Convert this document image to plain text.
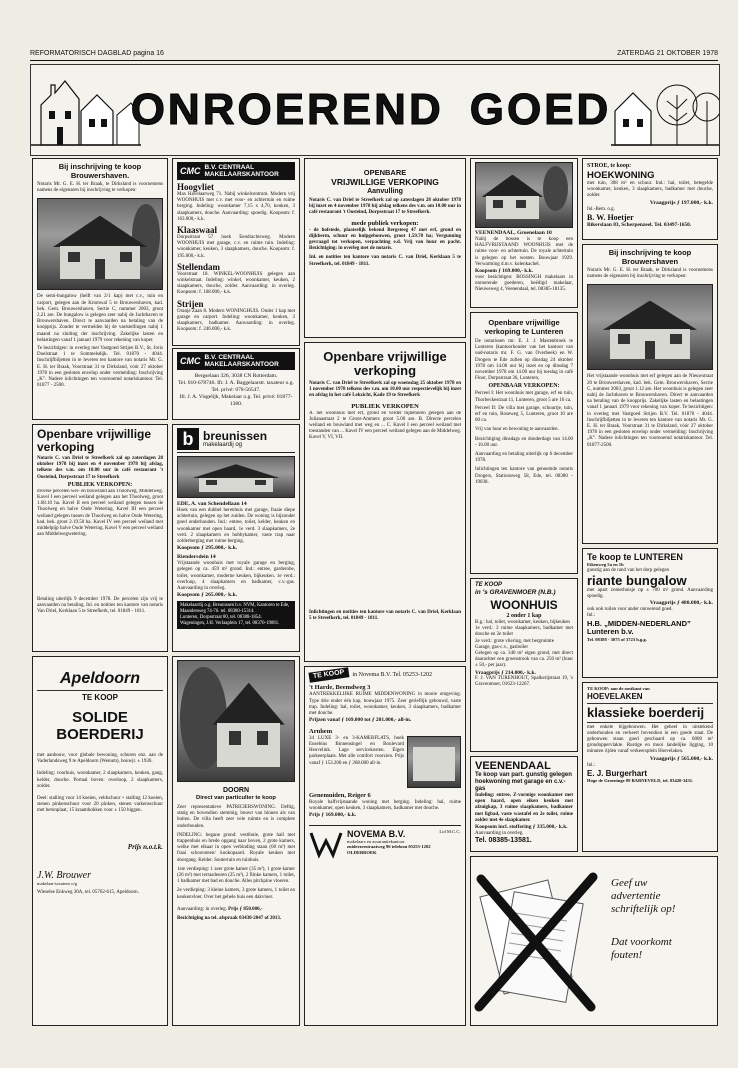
REFORMATORISCH DAGBLAD pagina 16	ZATERDAG 21 OKTOBER 1978
ONROEREND GOED
Bij inschrijving te koop Brouwershaven.
Notaris Mr. G. E. H. ter Braak, te Dirksland is voornemens namens de eigenaren bij inschrijving te verkopen:
De semi-bungalow (helft van 2/1 kap) met c.v., tuin en carport, gelegen aan de Kromwal 5 te Brouwershaven, kad. bek. Gem. Brouwershaven, Sectie C, nummer 2003, groot 2.21 are. De bungalow is gelegen zeer nabij de Jachthaven te Brouwershaven. Direct te aanvaarden na betaling van de koopprijs. Zonder te vermelden bij de vaststellingen nabij 1 maand na sluiting der inschrijving. Zakelijke lasten en belastingen vanaf 1 januari 1979 voor rekening van koper.
Te bezichtigen: in overleg met Vastgoed Strijen B.V., St. Joris Doelstraat 1 te Sommelsdijk. Tel. 01870 - 4044. Inschrijfbiljetten in te leveren ten kantore van notaris Mr. G. E. H. ter Braak, Voorstraat 31 te Dirksland, vóór 27 oktober 1978 in een gesloten envelop onder vermelding: Inschrijving „K”. Nadere inlichtingen ten voornoemd notariskantoor. Tel. 01877 - 2500.
CMC B.V. CENTRAAL MAKELAARSKANTOOR
Hoogvliet
Max Havelaarweg 71. Nabij winkelcentrum. Modern vrij WOONHUIS met c.v. met voor- en achtertuin en ruime berging. Indeling: woonkamer 7,15 x 4,70, keuken, 3 slaapkamers, douche. Aanvaarding: spoedig. Koopsom: f. 163.000,- k.k.
Klaaswaal
Dorpsstraat 57 hoek Eendrachtsweg. Modern WOONHUIS met garage, c.v. en ruime tuin. Indeling: woonkamer, keuken, 3 slaapkamers, douche. Koopsom: f. 195.000,- k.k.
Stellendam
Voorstraat 18. WINKEL-WOONHUIS gelegen aan winkelstraat. Indeling: winkel, woonkamer, keuken, 2 slaapkamers, douche, zolder. Aanvaarding: in overleg. Koopsom: f. 168.000,- k.k.
Strijen
Oranje Zaan 8. Modern WONINGHUIS. Onder 1 kap met garage en carport. Indeling: woonkamer, keuken, 3 slaapkamers, badkamer. Aanvaarding: in overleg. Koopsom: f. 246.000,- k.k.
CMC B.V. CENTRAAL MAKELAARSKANTOOR
Bergselaan 326, 3038 CN Rotterdam.
Tel. 010-678746. Ifr. J. A. Baggelaarstr. taxateur o.g. Tel. privé: 078-56547.
Ifr. J. A. Visgelijk, Makelaar o.g. Tel. privé: 01877-1380.
OPENBARE
VRIJWILLIGE VERKOPING
Aanvulling
Notaris C. van Driel te Streefkerk zal op zaterdagen 28 oktober 1978 bij inzet en 4 november 1978 bij afslag telkens des v.m. om 10.00 uur in café restaurant 't Oosteind, Dorpsstraat 17 te Streefkerk.
mede publiek verkopen:
- de hofstede, plaatselijk bekend Bergsteeg 47 met erf, grond en dijkberm, schuur en hulpgebouwen, groot 1.59.70 ha; Vergunning gevraagd tot verkopen, verpachting e.d. Vrij van huur en pacht. Bezichtiging: in overleg met de notaris.
Inl. en notities ten kantore van notaris C. van Driel, Kerklaan 5 te Streefkerk, tel. 01849 - 1811.
Openbare vrijwillige verkoping
Notaris C. van Driel te Streefkerk zal op woensdag 25 oktober 1978 en 1 november 1978 telkens des v.m. om 10.00 uur respectievelijk bij inzet en afslag in het café Lekzicht, Kade 19 te Streefkerk
PUBLIEK VERKOPEN
A. het woonhuis met erf, grond en verder bijbehoren gelegen aan de Julianastraat 2 te Groot-Ammers groot 5.00 are. B. Directe percelen weiland en bouwland met weg en ... C. Kavel I een perceel weiland met toestanden van ... Kavel IV een perceel weiland gelegen aan de Middelweg. Kavel V, VI, VII.
Inlichtingen en notities ten kantore van notaris C. van Driel, Kerklaan 5 te Streefkerk, tel. 01849 - 1811.
VEENENDAAL, Groenelaan 10
Nabij de bossen is te koop een HALFVRIJSTAAND WOONHUIS met de ruime voor- en achtertuin. De royale achtertuin is gelegen op het westen. Bouwjaar 1929. Verwarming d.m.v. kolenkachel.
Koopsom ƒ 169.000,- k.k.
voor bezichtigen: BOSSINGH makelaars in onroerende goederen, beëdigd makelaar, Nieuweweg 4, Veenendaal, tel. 08385-18135.
STROE, te koop:
HOEKWONING
met tuin, 308 m² en schuur. Ind.: hal, toilet, betegelde woonkamer, keuken, 3 slaapkamers, badkamer met douche, zolder.
Vraagprijs ƒ 197.000,- k.k.
Inl.-Bem. o.g.
B. W. Hoetjer
Bikerslaan 83, Scherpenzeel. Tel. 03497-1650.
Bij inschrijving te koop Brouwershaven
Notaris Mr. G. E. H. ter Braak, te Dirksland is voornemens namens de eigenaren bij inschrijving te verkopen:
Het vrijstaande woonhuis met erf gelegen aan de Nieuwstraat 20 te Brouwershaven, kad. bek. Gem. Brouwershaven, Sectie C, nummer 2003, groot 1.12 are. Het woonhuis is gelegen zeer nabij de Jachthaven te Brouwershaven. Direct te aanvaarden na betaling van de koopprijs. Zakelijke lasten en belastingen vanaf 1 januari 1979 voor rekening van koper. Te bezichtigen: in overleg met Vastgoed Strijen B.V. Tel. 01870 - 4044. Inschrijfbiljetten in te leveren ten kantore van notaris Mr. G. E. H. ter Braak, Voorstraat 31 te Dirksland, vóór 27 oktober 1978 in een gesloten envelop onder vermelding: Inschrijving „K”. Nadere inlichtingen ten voornoemd notariskantoor. Tel. 01877-2500.
Openbare vrijwillige verkoping te Lunteren
De notarissen mr. E. J. J. Mastenbroek te Lunteren (kantoorhouder van het kantoor van oud-notaris mr. F. G. van Overbeek) en W. Drogers te Ede zullen op dinsdag 24 oktober 1978 om 14.00 uur bij inzet en op dinsdag 7 november 1978 om 14.00 uur bij toeslag in café Floor, Dorpsstraat 36, Lunteren,
OPENBAAR VERKOPEN:
Perceel I: Het woonhuis met garage, erf en tuin, Thorbeckestraat 11, Lunteren, groot 5 are 16 ca.
Perceel II: De villa met garage, schuurtje, tuin, erf en tuin, Roseweg 5, Lunteren, groot 10 are 60 ca.
Vrij van huur en bewoning te aanvaarden.
Bezichtiging dinsdags en donderdags van 14.00 - 16.00 uur.
Aanvaarding en betaling uiterlijk op 6 december 1978.
Inlichtingen ten kantore van genoemde notaris Drogers, Stationsweg 58, Ede, tel. 08380 - 19038.
Openbare vrijwillige verkoping
Notaris C. van Driel te Streefkerk zal op zaterdagen 28 oktober 1978 bij inzet en 4 november 1978 bij afslag, telkens des v.m. om 10.00 uur in café restaurant 't Oosteind, Dorpsstraat 17 te Streefkerk
PUBLIEK VERKOPEN:
diverse percelen wei- en bouwland aan Thoolweg, Middelweg. Kavel I een perceel weiland gelegen aan het Thoolweg, groot 1.68.10 ha. Kavel II een perceel weiland gelegen tussen de Thoolweg en halve Oude Wetering. Kavel III een perceel weiland gelegen tussen de Thoolweg en halve Oude Wetering, kad. bek. groot 2.19.50 ha. Kavel IV een perceel weiland met middelpijp halve Oude Wetering. Kavel V een perceel weiland aan Middelwegwetering.
Betaling uiterlijk 9 december 1978. De percelen zijn vrij te aanvaarden na betaling. Inl. en notities ten kantore van notaris Van Driel, Kerklaan 5 te Streefkerk, tel. 01849 - 1811.
b breunissen
makelaardij og
EDE, A. van Schendellaan 14
Hoek van een dubbel herenhuis met garage, fraaie diepe achtertuin, gelegen op het zuiden. De woning is bijzonder goed onderhouden. Ind.: entree, toilet, kelder, keuken en woonkamer met open haard, 1e verd. 3 slaapkamers, 2e verd. 2 slaapkamers en hobbykamer, vaste trap naar zolderberging met ruime berging.
Koopsom ƒ 295.000,- k.k.
Riendersdein 14
Vrijstaande woonhuis met royale garage en berging, gelegen op ca. 459 m² grond. Ind.: entree, garderobe, toilet, woonkamer, moderne keuken, bijkeuken. 1e verd.: overloop, 4 slaapkamers en badkamer, c.v.-gas. Aanvaarding in overleg.
Koopsom ƒ 265.000,- k.k.
Makelaardij o.g. Breunissen b.v. NVM, Kantoren te Ede, Maandenweg 74-76. tel. 08380-15314.
Lunteren, Dorpsstraat 80, tel. 08388-1854.
Wageningen, J.H. Verlaaplein 17, tel. 08370-19081.
Apeldoorn
TE KOOP
SOLIDE BOERDERIJ
met aanbouw, voor globale bewoning, schuren enz. aan de Vaderlandsweg 9 te Apeldoorn (Wenum), bouwjr. ± 1936.
Indeling: voorhuis, woonkamer, 2 slaapkamers, keuken, gang, kelder, douche. Portaal boven: overloop, 2 slaapkamers, zolder.
Deel: stalling voor 14 koeien, veldschuur + stalling 12 koeien, stenen pinkenschuur voor 20 pinken, stenen varkensschuur met betonplaat, 15 kraamhokken voor ± 150 biggen.
Prijs n.o.t.k.
J.W. Brouwer
makelaar-taxateur o/g
Wieselse Enkweg 30A, tel. 05762-615, Apeldoorn.
DOORN
Direct van particulier te koop
Zeer representatieve PATRICIERSWONING. Deftig, statig en bovendien stemmig, bouwt van binnen als van buiten. De villa heeft zeer vele ruimte en is complete onderhouden.
INDELING: begane grond: vestibule, grote hall met trappenhuis en brede opgang naar boven, 2 grote kamers, welke met elkaar in open verbinding staan (60 m²) met fraai schoorsteen/ kookopaard. Royale keuken met doorgang. Kelder. Souterrain en tuinhuis.
1ste verdieping: 1 zeer grote kamer (35 m²), 1 grote kamer (26 m²) met terrasdeuren (25 m²), 2 flinke kamers, 1 toilet, 1 badkamer met bad en douche. Alles pitchpine vloeren.
2e verdieping: 3 kleine kamers, 3 grote kamers, 1 toilet en keukenvloer. Over het gehele huis een dakvloer.
Aanvaarding: in overleg. Prijs ƒ 850.000,-
Bezichtiging na tel. afspraak 03430-2047 of 2013.
TE KOOP	in Novema B.V. Tel. 05253-1202
't Harde, Beemdweg 3
AANTREKKELIJKE RUIME MIDDENWONING in mooie omgeving. Type drie onder één kap, bouwjaar 1975. Zeer gerieflijk gebouwd, vaste trap. Indeling: hal, toilet, woonkamer, keuken, 3 slaapkamers, badkamer met douche.
Prijzen vanaf ƒ 169.000 tot ƒ 201.000,- all-in.
Arnhem
34 LUXE 3- en 3-KAMERFLATS, hoek Eusebius Binnensingel en Boulevard Heuvelink. Lage servicekosten. Eigen parkeerplaats. Met alle comfort voorzien. Prijs vanaf ƒ 153.200 en ƒ 268.000 all-in.
Genemuiden, Reiger 6
Royale halfvrijstaande woning met berging. Indeling: hal, ruime woonkamer, open keuken, 3 slaapkamers, badkamer met douche.
Prijs ƒ 169.000,- k.k.
NOVEMA B.V.
makelaars en assurantiekantoor
zuiderzeestraatweg 96 telefoon 05253-1202 OLDEBROEK
Lid M.C.C.
TE KOOP
in 's GRAVENMOER (N.B.)
WOONHUIS
2 onder 1 kap
B.g.: hal, toilet, woonkamer, keuken, bijkeuken
1e verd.: 3 ruime slaapkamers, badkamer met douche en 2e toilet
2e verd.: grote vliering, met bergruimte
Garage, gas-c.v., gasboiler
Gelegen op ca. 340 m² eigen grond, met direct daarachter een groenstrook van ca. 250 m² (huur ± 50,- per jaar).
Vraagprijs ƒ 214.000,- k.k.
F. J. VAN TURENHOUT, Spalkerijstraat 19, 's Gravenmoer, 01623-12267.
Te koop te LUNTEREN
Eikenweg 5a en 1b
gunstig aan de rand van het dorp gelegen
riante bungalow
met apart zomerhuisje op ± 700 m² grond. Aanvaarding spoedig.
Vraagprijs ƒ 480.000,- k.k.
ook ook ruilen voor ander onroerend goed.
Inl.:
H.B. „MIDDEN-NEDERLAND” Lunteren b.v.
Tel. 08388 - 3075 of 3723 b.g.g.
TE KOOP: aan de oostkant van
HOEVELAKEN
klassieke boerderij
met enkele bijgebouwen. Het geheel in uitstekend onderhouden en verkeert bovendien in een goede staat. De gebouwen staan goed geschaard op ca. 6000 m² grondoppervlakte. Rustige en mooi landelijke ligging, 10 minuten rijden vanaf verkeersplein Hoevelaken.
Vraagprijs ƒ 565.000,- k.k.
Inl.:
E. J. Burgerhart
Hoge de Groeninge 89 BARNEVELD, tel. 03420-3431.
VEENENDAAL
Te koop van part. gunstig gelegen hoekwoning met garage en c.v.-gas
Indeling: entree, Z-vormige woonkamer met open haard, open eiken keuken met afzuigkap, 3 ruime slaapkamers, badkamer met ligbad, vaste wastafel en 2e toilet, ruime zolder met 4e slaapkamer.
Koopsom incl. stoffering ƒ 335.000,- k.k.
Aanvaarding in overleg.
Tel. 08385-13581.
Geef uw
advertentie
schriftelijk op!
Dat voorkomt
fouten!
